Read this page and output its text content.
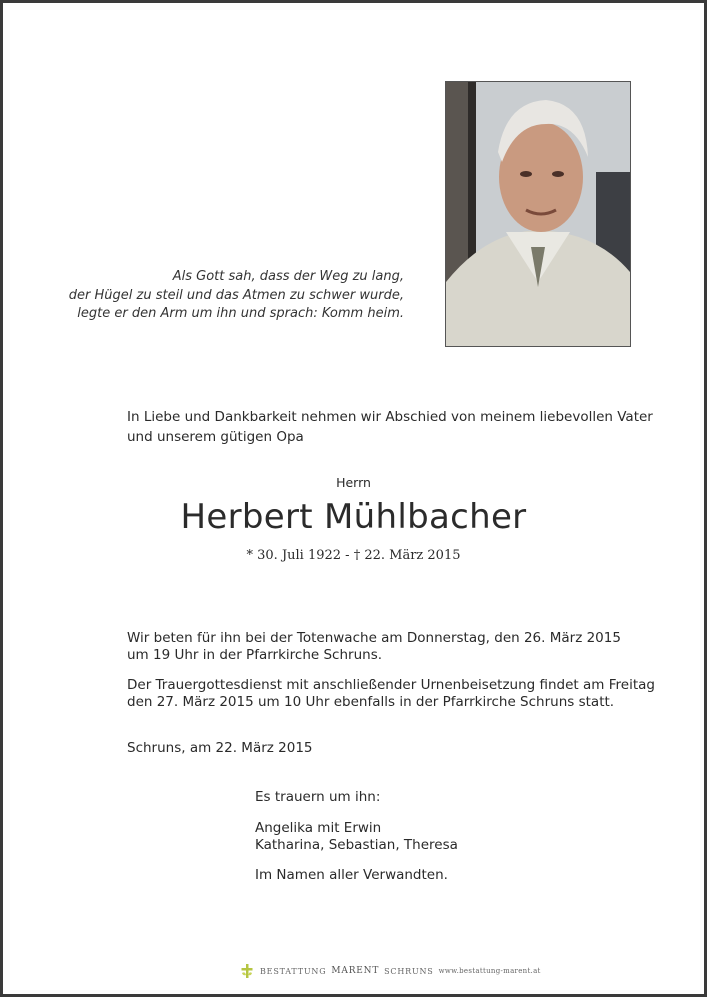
Als Gott sah, dass der Weg zu lang,
der Hügel zu steil und das Atmen zu schwer wurde,
legte er den Arm um ihn und sprach: Komm heim.
In Liebe und Dankbarkeit nehmen wir Abschied von meinem liebevollen Vater
und unserem gütigen Opa
Herrn
Herbert Mühlbacher
* 30. Juli 1922 - † 22. März 2015
Wir beten für ihn bei der Totenwache am Donnerstag, den 26. März 2015
um 19 Uhr in der Pfarrkirche Schruns.
Der Trauergottesdienst mit anschließender Urnenbeisetzung findet am Freitag
den 27. März 2015 um 10 Uhr ebenfalls in der Pfarrkirche Schruns statt.
Schruns, am 22. März 2015
Es trauern um ihn:
Angelika mit Erwin
Katharina, Sebastian, Theresa
Im Namen aller Verwandten.
BESTATTUNG MARENT SCHRUNS www.bestattung-marent.at
